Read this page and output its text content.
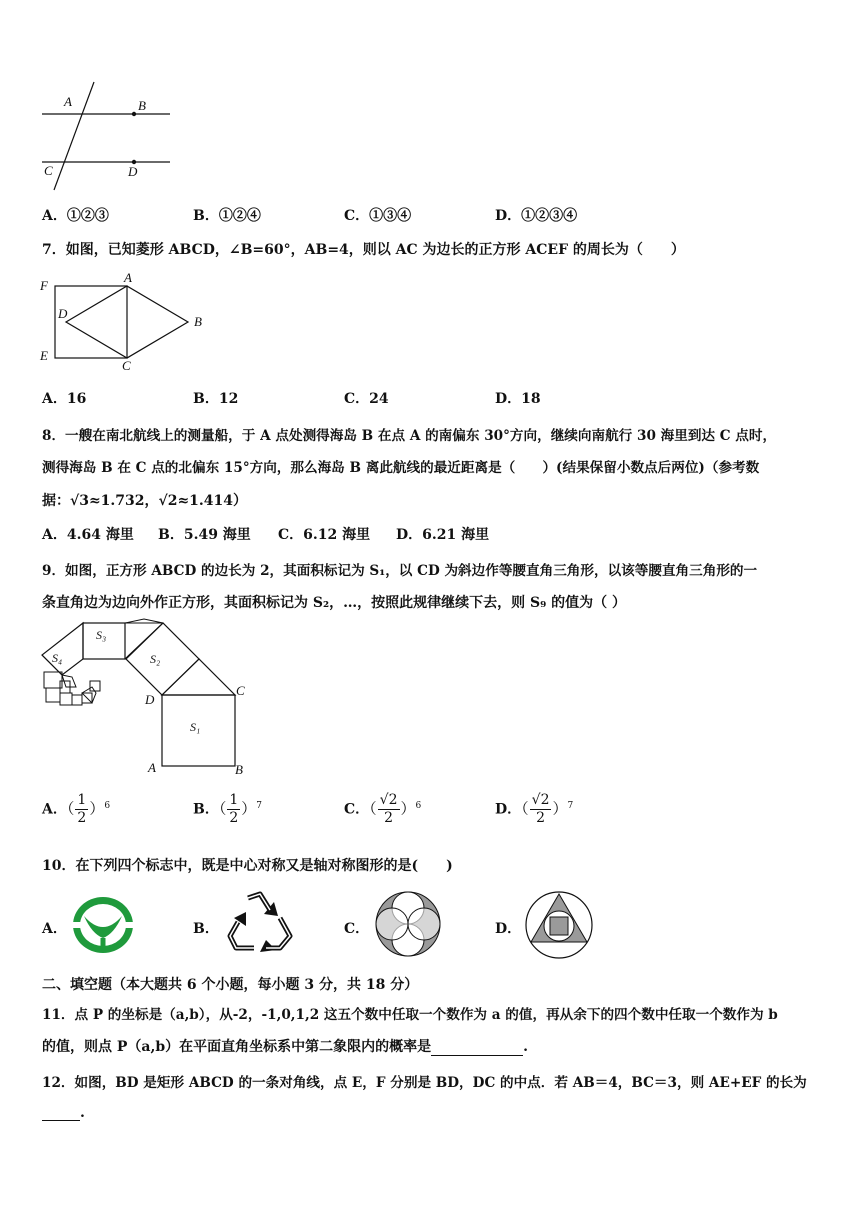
A	B
C	D
A．①②③	B．①②④	C．①③④	D．①②③④
7．如图，已知菱形 ABCD，∠B=60°，AB=4，则以 AC 为边长的正方形 ACEF 的周长为（　　）
F
A
D
B
E
C
A．16	B．12	C．24	D．18
8．一艘在南北航线上的测量船，于 A 点处测得海岛 B 在点 A 的南偏东 30°方向，继续向南航行 30 海里到达 C 点时，
测得海岛 B 在 C 点的北偏东 15°方向，那么海岛 B 离此航线的最近距离是（　　）(结果保留小数点后两位)（参考数
据：√3≈1.732，√2≈1.414）
A．4.64 海里 B．5.49 海里 C．6.12 海里 D．6.21 海里
9．如图，正方形 ABCD 的边长为 2，其面积标记为 S₁，以 CD 为斜边作等腰直角三角形，以该等腰直角三角形的一
条直角边为边向外作正方形，其面积标记为 S₂，…，按照此规律继续下去，则 S₉ 的值为（ ）
S₃
S₂
S₄
S₁
D
C
A	B
A．（ $\frac{1}{2} )^6$	B．（ $\frac{1}{2} )^7$	C．（ $\frac{√2}{2} )^6$	D．（ $\frac{√2}{2} )^7$
10．在下列四个标志中，既是中心对称又是轴对称图形的是(　　)
A．	B．	C．	D．
二、填空题（本大题共 6 个小题，每小题 3 分，共 18 分）
11．点 P 的坐标是（a,b），从-2，-1,0,1,2 这五个数中任取一个数作为 a 的值，再从余下的四个数中任取一个数作为 b
的值，则点 P（a,b）在平面直角坐标系中第二象限内的概率是	.
12．如图，BD 是矩形 ABCD 的一条对角线，点 E，F 分别是 BD，DC 的中点．若 AB＝4，BC＝3，则 AE+EF 的长为
.
